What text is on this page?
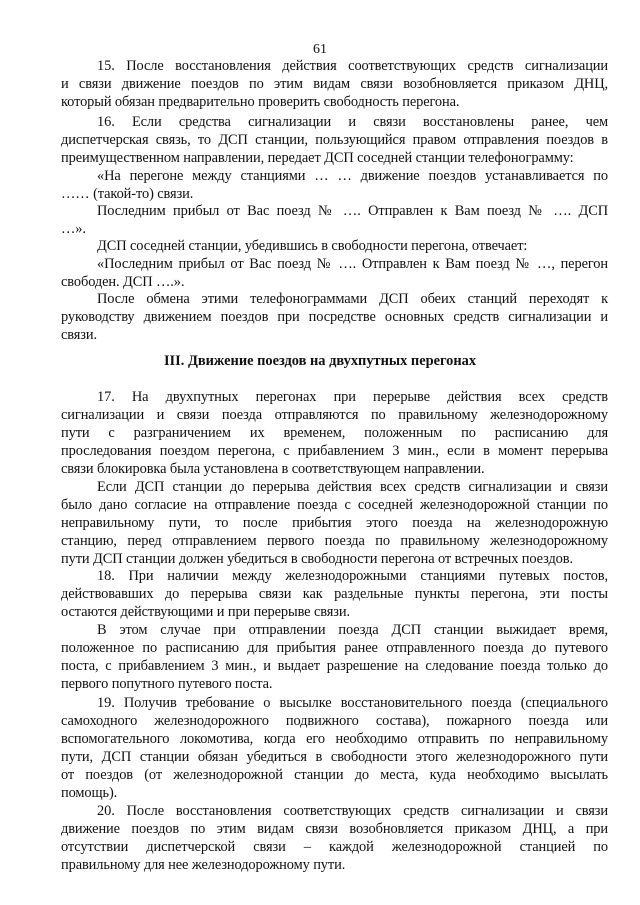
61
15. После восстановления действия соответствующих средств сигнализации
и связи движение поездов по этим видам связи возобновляется приказом ДНЦ,
который обязан предварительно проверить свободность перегона.
16. Если средства сигнализации и связи восстановлены ранее, чем
диспетчерская связь, то ДСП станции, пользующийся правом отправления поездов в
преимущественном направлении, передает ДСП соседней станции телефонограмму:
«На перегоне между станциями … … движение поездов устанавливается по
…… (такой-то) связи.
Последним прибыл от Вас поезд № …. Отправлен к Вам поезд № …. ДСП
…».
ДСП соседней станции, убедившись в свободности перегона, отвечает:
«Последним прибыл от Вас поезд № …. Отправлен к Вам поезд № …, перегон
свободен. ДСП ….».
После обмена этими телефонограммами ДСП обеих станций переходят к
руководству движением поездов при посредстве основных средств сигнализации и
связи.
III. Движение поездов на двухпутных перегонах
17. На двухпутных перегонах при перерыве действия всех средств
сигнализации и связи поезда отправляются по правильному железнодорожному
пути с разграничением их временем, положенным по расписанию для
проследования поездом перегона, с прибавлением 3 мин., если в момент перерыва
связи блокировка была установлена в соответствующем направлении.
Если ДСП станции до перерыва действия всех средств сигнализации и связи
было дано согласие на отправление поезда с соседней железнодорожной станции по
неправильному пути, то после прибытия этого поезда на железнодорожную
станцию, перед отправлением первого поезда по правильному железнодорожному
пути ДСП станции должен убедиться в свободности перегона от встречных поездов.
18. При наличии между железнодорожными станциями путевых постов,
действовавших до перерыва связи как раздельные пункты перегона, эти посты
остаются действующими и при перерыве связи.
В этом случае при отправлении поезда ДСП станции выжидает время,
положенное по расписанию для прибытия ранее отправленного поезда до путевого
поста, с прибавлением 3 мин., и выдает разрешение на следование поезда только до
первого попутного путевого поста.
19. Получив требование о высылке восстановительного поезда (специального
самоходного железнодорожного подвижного состава), пожарного поезда или
вспомогательного локомотива, когда его необходимо отправить по неправильному
пути, ДСП станции обязан убедиться в свободности этого железнодорожного пути
от поездов (от железнодорожной станции до места, куда необходимо высылать
помощь).
20. После восстановления соответствующих средств сигнализации и связи
движение поездов по этим видам связи возобновляется приказом ДНЦ, а при
отсутствии диспетчерской связи – каждой железнодорожной станцией по
правильному для нее железнодорожному пути.
